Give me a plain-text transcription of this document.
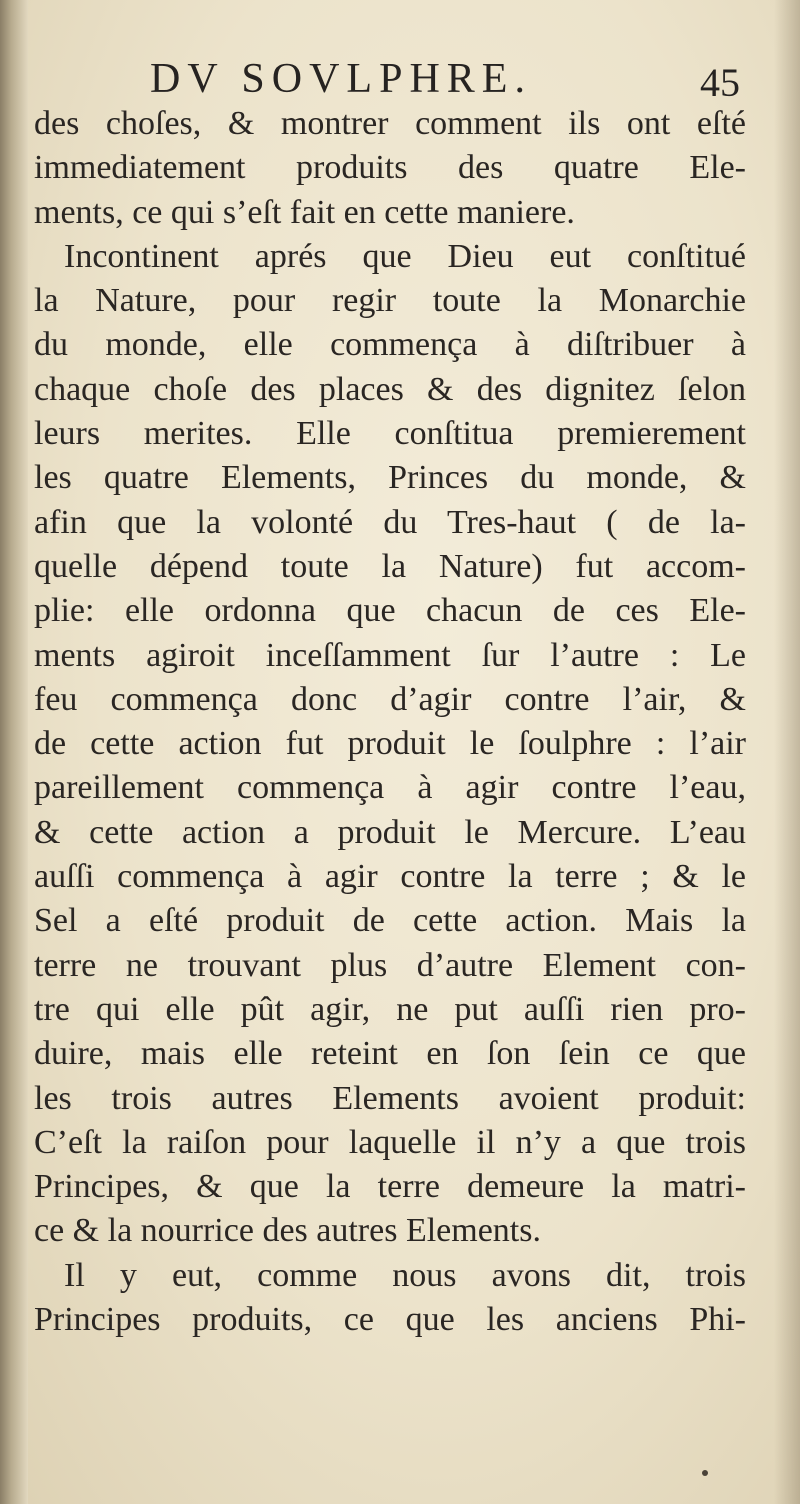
DV SOVLPHRE.	45
des choſes, & montrer comment ils ont eſté
immediatement produits des quatre Ele-
ments, ce qui s’eſt fait en cette maniere.
Incontinent aprés que Dieu eut conſtitué
la Nature, pour regir toute la Monarchie
du monde, elle commença à diſtribuer à
chaque choſe des places & des dignitez ſelon
leurs merites. Elle conſtitua premierement
les quatre Elements, Princes du monde, &
afin que la volonté du Tres-haut ( de la-
quelle dépend toute la Nature) fut accom-
plie: elle ordonna que chacun de ces Ele-
ments agiroit inceſſamment ſur l’autre : Le
feu commença donc d’agir contre l’air, &
de cette action fut produit le ſoulphre : l’air
pareillement commença à agir contre l’eau,
& cette action a produit le Mercure. L’eau
auſſi commença à agir contre la terre ; & le
Sel a eſté produit de cette action. Mais la
terre ne trouvant plus d’autre Element con-
tre qui elle pût agir, ne put auſſi rien pro-
duire, mais elle reteint en ſon ſein ce que
les trois autres Elements avoient produit:
C’eſt la raiſon pour laquelle il n’y a que trois
Principes, & que la terre demeure la matri-
ce & la nourrice des autres Elements.
Il y eut, comme nous avons dit, trois
Principes produits, ce que les anciens Phi-
